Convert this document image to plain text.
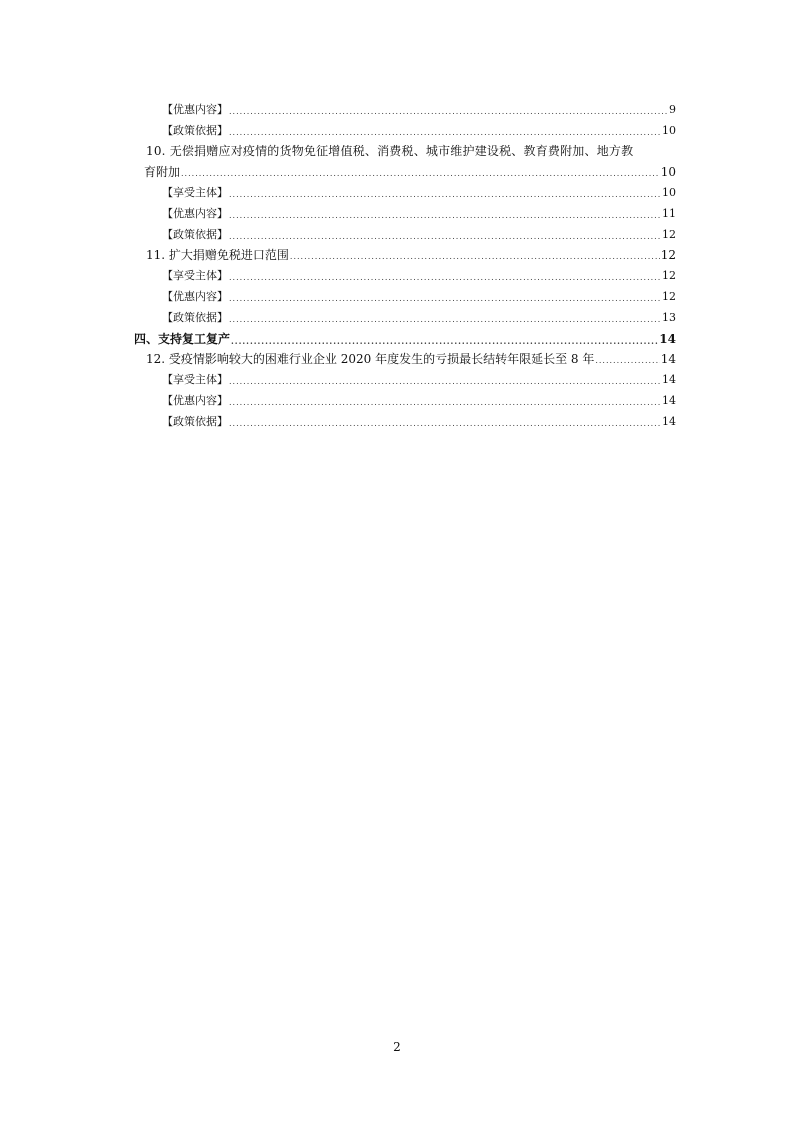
【优惠内容】 .....	9
【政策依据】 .....	10
10. 无偿捐赠应对疫情的货物免征增值税、消费税、城市维护建设税、教育费附加、地方教
育附加 .....	10
【享受主体】 .....	10
【优惠内容】 .....	11
【政策依据】 .....	12
11. 扩大捐赠免税进口范围 .....	12
【享受主体】 .....	12
【优惠内容】 .....	12
【政策依据】 .....	13
四、支持复工复产 .....	14
12. 受疫情影响较大的困难行业企业 2020 年度发生的亏损最长结转年限延长至 8 年 .....	14
【享受主体】 .....	14
【优惠内容】 .....	14
【政策依据】 .....	14
2
